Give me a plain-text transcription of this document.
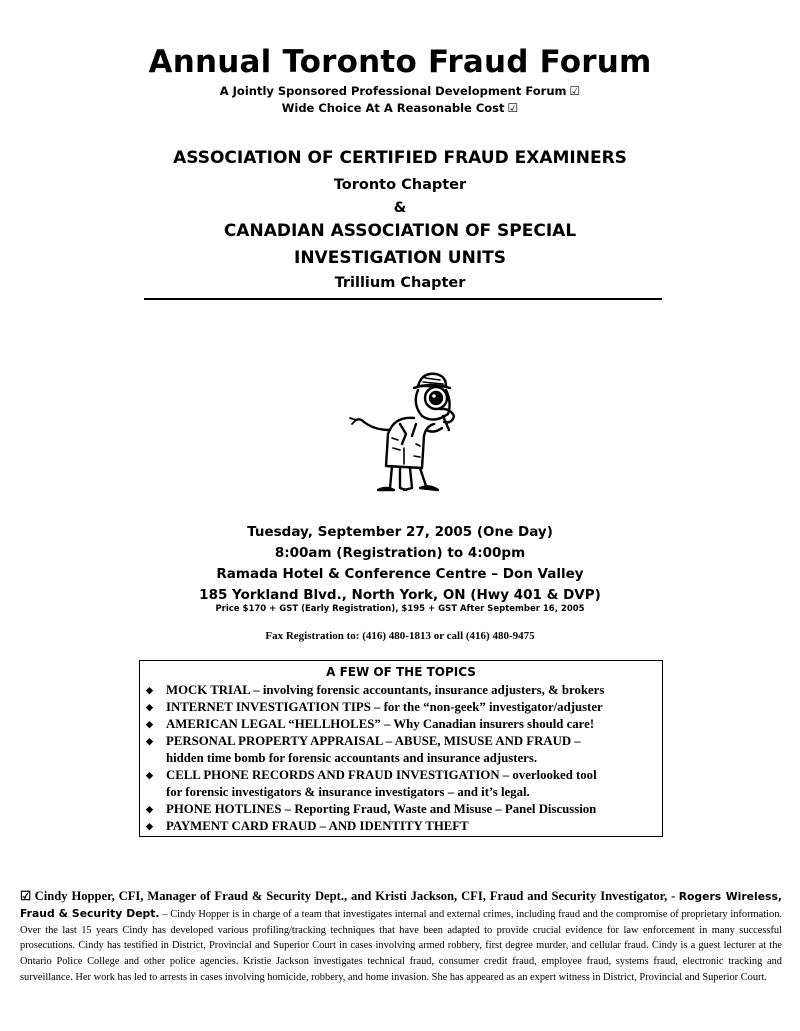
Annual Toronto Fraud Forum
A Jointly Sponsored Professional Development Forum ☑
Wide Choice At A Reasonable Cost ☑
ASSOCIATION OF CERTIFIED FRAUD EXAMINERS
Toronto Chapter
&
CANADIAN ASSOCIATION OF SPECIAL
INVESTIGATION UNITS
Trillium Chapter
Tuesday, September 27, 2005 (One Day)
8:00am (Registration) to 4:00pm
Ramada Hotel & Conference Centre – Don Valley
185 Yorkland Blvd., North York, ON (Hwy 401 & DVP)
Price $170 + GST (Early Registration), $195 + GST After September 16, 2005
Fax Registration to: (416) 480-1813 or call (416) 480-9475
A FEW OF THE TOPICS
◆ MOCK TRIAL – involving forensic accountants, insurance adjusters, & brokers
◆ INTERNET INVESTIGATION TIPS – for the “non-geek” investigator/adjuster
◆ AMERICAN LEGAL “HELLHOLES” – Why Canadian insurers should care!
◆ PERSONAL PROPERTY APPRAISAL – ABUSE, MISUSE AND FRAUD –
hidden time bomb for forensic accountants and insurance adjusters.
◆ CELL PHONE RECORDS AND FRAUD INVESTIGATION – overlooked tool
for forensic investigators & insurance investigators – and it’s legal.
◆ PHONE HOTLINES – Reporting Fraud, Waste and Misuse – Panel Discussion
◆ PAYMENT CARD FRAUD – AND IDENTITY THEFT
☑ Cindy Hopper, CFI, Manager of Fraud & Security Dept., and Kristi Jackson, CFI, Fraud and Security Investigator, - Rogers Wireless, Fraud & Security Dept. – Cindy Hopper is in charge of a team that investigates internal and external crimes, including fraud and the compromise of proprietary information. Over the last 15 years Cindy has developed various profiling/tracking techniques that have been adapted to provide crucial evidence for law enforcement in many successful prosecutions. Cindy has testified in District, Provincial and Superior Court in cases involving armed robbery, first degree murder, and cellular fraud. Cindy is a guest lecturer at the Ontario Police College and other police agencies. Kristie Jackson investigates technical fraud, consumer credit fraud, employee fraud, systems fraud, electronic tracking and surveillance. Her work has led to arrests in cases involving homicide, robbery, and home invasion. She has appeared as an expert witness in District, Provincial and Superior Court.
